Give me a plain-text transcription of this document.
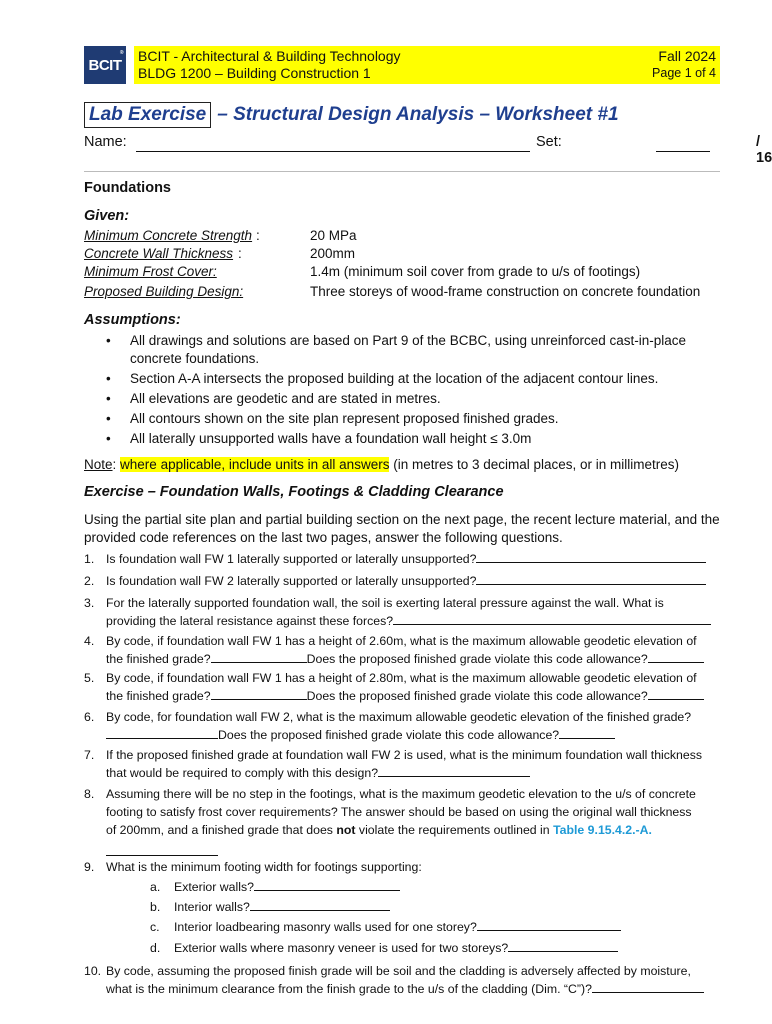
BCIT
® BCIT - Architectural & Building Technology
BLDG 1200 – Building Construction 1
Fall 2024
Page 1 of 4
Lab Exercise – Structural Design Analysis – Worksheet #1
Name:	Set:	/ 16
Foundations
Given:
Minimum Concrete Strength :	20 MPa
Concrete Wall Thickness :	200mm
Minimum Frost Cover:	1.4m (minimum soil cover from grade to u/s of footings)
Proposed Building Design:	Three storeys of wood-frame construction on concrete foundation
Assumptions:
• All drawings and solutions are based on Part 9 of the BCBC, using unreinforced cast-in-place concrete foundations.
• Section A-A intersects the proposed building at the location of the adjacent contour lines.
• All elevations are geodetic and are stated in metres.
• All contours shown on the site plan represent proposed finished grades.
• All laterally unsupported walls have a foundation wall height ≤ 3.0m
Note: where applicable, include units in all answers (in metres to 3 decimal places, or in millimetres)
Exercise – Foundation Walls, Footings & Cladding Clearance
Using the partial site plan and partial building section on the next page, the recent lecture material, and the provided code references on the last two pages, answer the following questions.
1. Is foundation wall FW 1 laterally supported or laterally unsupported?
2. Is foundation wall FW 2 laterally supported or laterally unsupported?
3. For the laterally supported foundation wall, the soil is exerting lateral pressure against the wall. What is
providing the lateral resistance against these forces?
4. By code, if foundation wall FW 1 has a height of 2.60m, what is the maximum allowable geodetic elevation of
the finished grade?	Does the proposed finished grade violate this code allowance?
5. By code, if foundation wall FW 1 has a height of 2.80m, what is the maximum allowable geodetic elevation of
the finished grade?	Does the proposed finished grade violate this code allowance?
6. By code, for foundation wall FW 2, what is the maximum allowable geodetic elevation of the finished grade?
Does the proposed finished grade violate this code allowance?
7. If the proposed finished grade at foundation wall FW 2 is used, what is the minimum foundation wall thickness
that would be required to comply with this design?
8. Assuming there will be no step in the footings, what is the maximum geodetic elevation to the u/s of concrete
footing to satisfy frost cover requirements? The answer should be based on using the original wall thickness
of 200mm, and a finished grade that does not violate the requirements outlined in Table 9.15.4.2.-A.
9. What is the minimum footing width for footings supporting:
a. Exterior walls?
b. Interior walls?
c. Interior loadbearing masonry walls used for one storey?
d. Exterior walls where masonry veneer is used for two storeys?
10. By code, assuming the proposed finish grade will be soil and the cladding is adversely affected by moisture,
what is the minimum clearance from the finish grade to the u/s of the cladding (Dim. “C”)?
